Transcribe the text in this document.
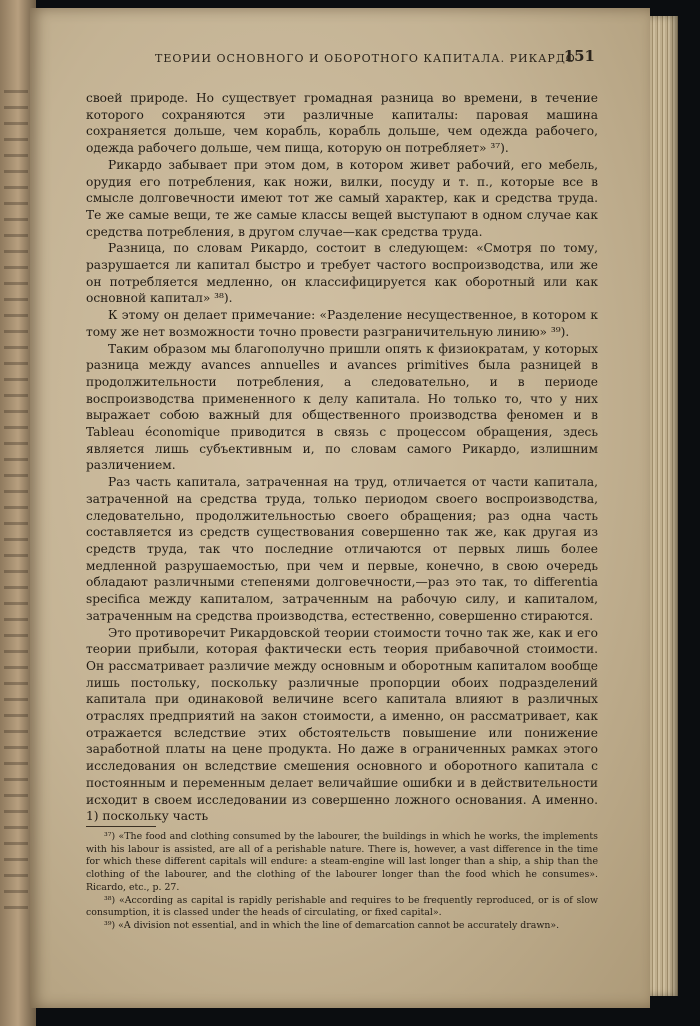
ТЕОРИИ ОСНОВНОГО И ОБОРОТНОГО КАПИТАЛА. РИКАРДО
151

своей природе. Но существует громадная разница во времени, в течение которого сохраняются эти различные капиталы: паровая машина сохраняется дольше, чем корабль, корабль дольше, чем одежда рабочего, одежда рабочего дольше, чем пища, которую он потребляет» ³⁷).

Рикардо забывает при этом дом, в котором живет рабочий, его мебель, орудия его потребления, как ножи, вилки, посуду и т. п., которые все в смысле долговечности имеют тот же самый характер, как и средства труда. Те же самые вещи, те же самые классы вещей выступают в одном случае как средства потребления, в другом случае—как средства труда.

Разница, по словам Рикардо, состоит в следующем: «Смотря по тому, разрушается ли капитал быстро и требует частого воспроизводства, или же он потребляется медленно, он классифицируется как оборотный или как основной капитал» ³⁸).

К этому он делает примечание: «Разделение несущественное, в котором к тому же нет возможности точно провести разграничительную линию» ³⁹).

Таким образом мы благополучно пришли опять к физиократам, у которых разница между avances annuelles и avances primitives была разницей в продолжительности потребления, а следовательно, и в периоде воспроизводства примененного к делу капитала. Но только то, что у них выражает собою важный для общественного производства феномен и в Tableau économique приводится в связь с процессом обращения, здесь является лишь субъективным и, по словам самого Рикардо, излишним различением.

Раз часть капитала, затраченная на труд, отличается от части капитала, затраченной на средства труда, только периодом своего воспроизводства, следовательно, продолжительностью своего обращения; раз одна часть составляется из средств существования совершенно так же, как другая из средств труда, так что последние отличаются от первых лишь более медленной разрушаемостью, при чем и первые, конечно, в свою очередь обладают различными степенями долговечности,—раз это так, то differentia specifica между капиталом, затраченным на рабочую силу, и капиталом, затраченным на средства производства, естественно, совершенно стираются.

Это противоречит Рикардовской теории стоимости точно так же, как и его теории прибыли, которая фактически есть теория прибавочной стоимости. Он рассматривает различие между основным и оборотным капиталом вообще лишь постольку, поскольку различные пропорции обоих подразделений капитала при одинаковой величине всего капитала влияют в различных отраслях предприятий на закон стоимости, а именно, он рассматривает, как отражается вследствие этих обстоятельств повышение или понижение заработной платы на цене продукта. Но даже в ограниченных рамках этого исследования он вследствие смешения основного и оборотного капитала с постоянным и переменным делает величайшие ошибки и в действительности исходит в своем исследовании из совершенно ложного основания. А именно. 1) поскольку часть

³⁷) «The food and clothing consumed by the labourer, the buildings in which he works, the implements with his labour is assisted, are all of a perishable nature. There is, however, a vast difference in the time for which these different capitals will endure: a steam-engine will last longer than a ship, a ship than the clothing of the labourer, and the clothing of the labourer longer than the food which he consumes». Ricardo, etc., p. 27.

³⁸) «According as capital is rapidly perishable and requires to be frequently reproduced, or is of slow consumption, it is classed under the heads of circulating, or fixed capital».

³⁹) «A division not essential, and in which the line of demarcation cannot be accurately drawn».
